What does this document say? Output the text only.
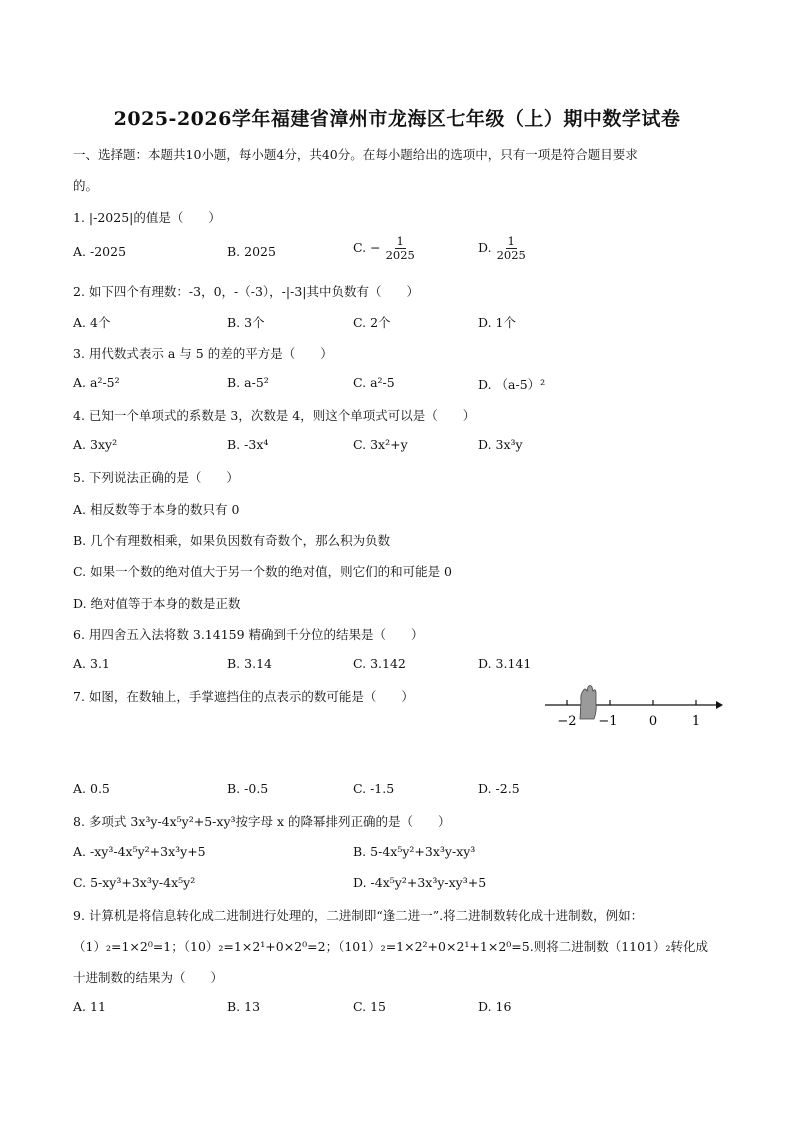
2025-2026学年福建省漳州市龙海区七年级（上）期中数学试卷
一、选择题：本题共10小题，每小题4分，共40分。在每小题给出的选项中，只有一项是符合题目要求
的。
1. |-2025|的值是（　　）
A. -2025	B. 2025	C. − $\frac{1}{2025}$	D. $\frac{1}{2025}$
2. 如下四个有理数：-3，0，-（-3），-|-3|其中负数有（　　）
A. 4个	B. 3个	C. 2个	D. 1个
3. 用代数式表示 a 与 5 的差的平方是（　　）
A. a²-5²	B. a-5²	C. a²-5	D. （a-5）²
4. 已知一个单项式的系数是 3，次数是 4，则这个单项式可以是（　　）
A. 3xy²	B. -3x⁴	C. 3x²+y	D. 3x³y
5. 下列说法正确的是（　　）
A. 相反数等于本身的数只有 0
B. 几个有理数相乘，如果负因数有奇数个，那么积为负数
C. 如果一个数的绝对值大于另一个数的绝对值，则它们的和可能是 0
D. 绝对值等于本身的数是正数
6. 用四舍五入法将数 3.14159 精确到千分位的结果是（　　）
A. 3.1	B. 3.14	C. 3.142	D. 3.141
7. 如图，在数轴上，手掌遮挡住的点表示的数可能是（　　）
−2 −1 0	1
A. 0.5	B. -0.5	C. -1.5	D. -2.5
8. 多项式 3x³y-4x⁵y²+5-xy³按字母 x 的降幂排列正确的是（　　）
A. -xy³-4x⁵y²+3x³y+5	B. 5-4x⁵y²+3x³y-xy³
C. 5-xy³+3x³y-4x⁵y²	D. -4x⁵y²+3x³y-xy³+5
9. 计算机是将信息转化成二进制进行处理的，二进制即“逢二进一”.将二进制数转化成十进制数，例如：
（1）₂=1×2⁰=1；（10）₂=1×2¹+0×2⁰=2；（101）₂=1×2²+0×2¹+1×2⁰=5.则将二进制数（1101）₂转化成
十进制数的结果为（　　）
A. 11	B. 13	C. 15	D. 16
